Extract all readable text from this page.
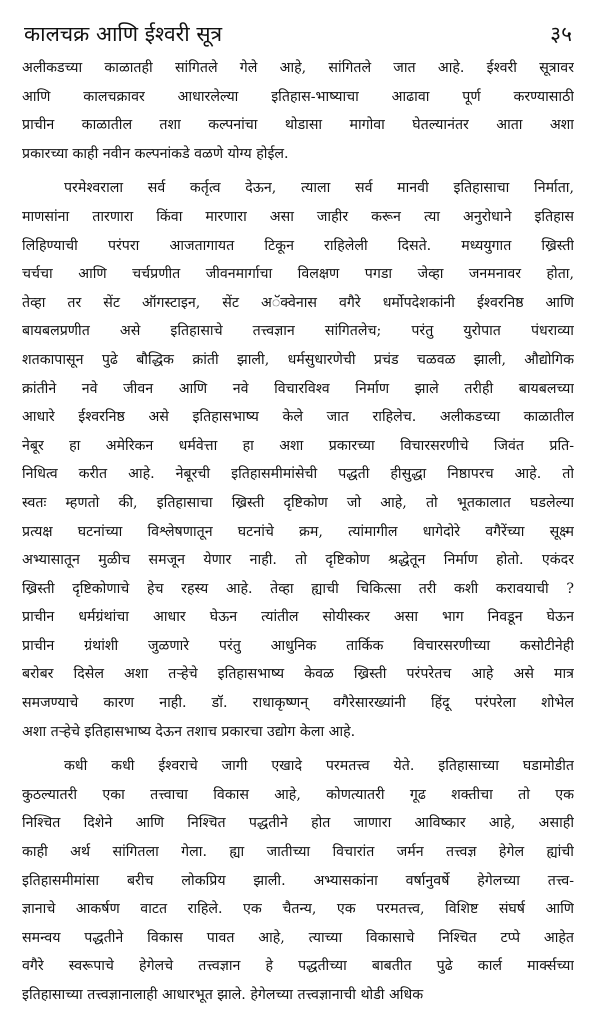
कालचक्र आणि ईश्वरी सूत्र	३५

अलीकडच्या काळातही सांगितले गेले आहे, सांगितले जात आहे. ईश्वरी सूत्रावर
आणि कालचक्रावर आधारलेल्या इतिहास-भाष्याचा आढावा पूर्ण करण्यासाठी
प्राचीन काळातील तशा कल्पनांचा थोडासा मागोवा घेतल्यानंतर आता अशा
प्रकारच्या काही नवीन कल्पनांकडे वळणे योग्य होईल.

परमेश्वराला सर्व कर्तृत्व देऊन, त्याला सर्व मानवी इतिहासाचा निर्माता,
माणसांना तारणारा किंवा मारणारा असा जाहीर करून त्या अनुरोधाने इतिहास
लिहिण्याची परंपरा आजतागायत टिकून राहिलेली दिसते. मध्ययुगात ख्रिस्ती
चर्चचा आणि चर्चप्रणीत जीवनमार्गाचा विलक्षण पगडा जेव्हा जनमनावर होता,
तेव्हा तर सेंट ऑगस्टाइन, सेंट अॅक्वेनास वगैरे धर्मोपदेशकांनी ईश्वरनिष्ठ आणि
बायबलप्रणीत असे इतिहासाचे तत्त्वज्ञान सांगितलेच; परंतु युरोपात पंधराव्या
शतकापासून पुढे बौद्धिक क्रांती झाली, धर्मसुधारणेची प्रचंड चळवळ झाली, औद्योगिक
क्रांतीने नवे जीवन आणि नवे विचारविश्व निर्माण झाले तरीही बायबलच्या
आधारे ईश्वरनिष्ठ असे इतिहासभाष्य केले जात राहिलेच. अलीकडच्या काळातील
नेबूर हा अमेरिकन धर्मवेत्ता हा अशा प्रकारच्या विचारसरणीचे जिवंत प्रति-
निधित्व करीत आहे. नेबूरची इतिहासमीमांसेची पद्धती हीसुद्धा निष्ठापरच आहे. तो
स्वतः म्हणतो की, इतिहासाचा ख्रिस्ती दृष्टिकोण जो आहे, तो भूतकालात घडलेल्या
प्रत्यक्ष घटनांच्या विश्लेषणातून घटनांचे क्रम, त्यांमागील धागेदोरे वगैरेंच्या सूक्ष्म
अभ्यासातून मुळीच समजून येणार नाही. तो दृष्टिकोण श्रद्धेतून निर्माण होतो. एकंदर
ख्रिस्ती दृष्टिकोणाचे हेच रहस्य आहे. तेव्हा ह्याची चिकित्सा तरी कशी करावयाची ?
प्राचीन धर्मग्रंथांचा आधार घेऊन त्यांतील सोयीस्कर असा भाग निवडून घेऊन
प्राचीन ग्रंथांशी जुळणारे परंतु आधुनिक तार्किक विचारसरणीच्या कसोटीनेही
बरोबर दिसेल अशा तऱ्हेचे इतिहासभाष्य केवळ ख्रिस्ती परंपरेतच आहे असे मात्र
समजण्याचे कारण नाही. डॉ. राधाकृष्णन् वगैरेसारख्यांनी हिंदू परंपरेला शोभेल
अशा तऱ्हेचे इतिहासभाष्य देऊन तशाच प्रकारचा उद्योग केला आहे.

कधी कधी ईश्वराचे जागी एखादे परमतत्त्व येते. इतिहासाच्या घडामोडीत
कुठल्यातरी एका तत्त्वाचा विकास आहे, कोणत्यातरी गूढ शक्तीचा तो एक
निश्चित दिशेने आणि निश्चित पद्धतीने होत जाणारा आविष्कार आहे, असाही
काही अर्थ सांगितला गेला. ह्या जातीच्या विचारांत जर्मन तत्त्वज्ञ हेगेल ह्यांची
इतिहासमीमांसा बरीच लोकप्रिय झाली. अभ्यासकांना वर्षानुवर्षे हेगेलच्या तत्त्व-
ज्ञानाचे आकर्षण वाटत राहिले. एक चैतन्य, एक परमतत्त्व, विशिष्ट संघर्ष आणि
समन्वय पद्धतीने विकास पावत आहे, त्याच्या विकासाचे निश्चित टप्पे आहेत
वगैरे स्वरूपाचे हेगेलचे तत्त्वज्ञान हे पद्धतीच्या बाबतीत पुढे कार्ल मार्क्सच्या
इतिहासाच्या तत्त्वज्ञानालाही आधारभूत झाले. हेगेलच्या तत्त्वज्ञानाची थोडी अधिक
